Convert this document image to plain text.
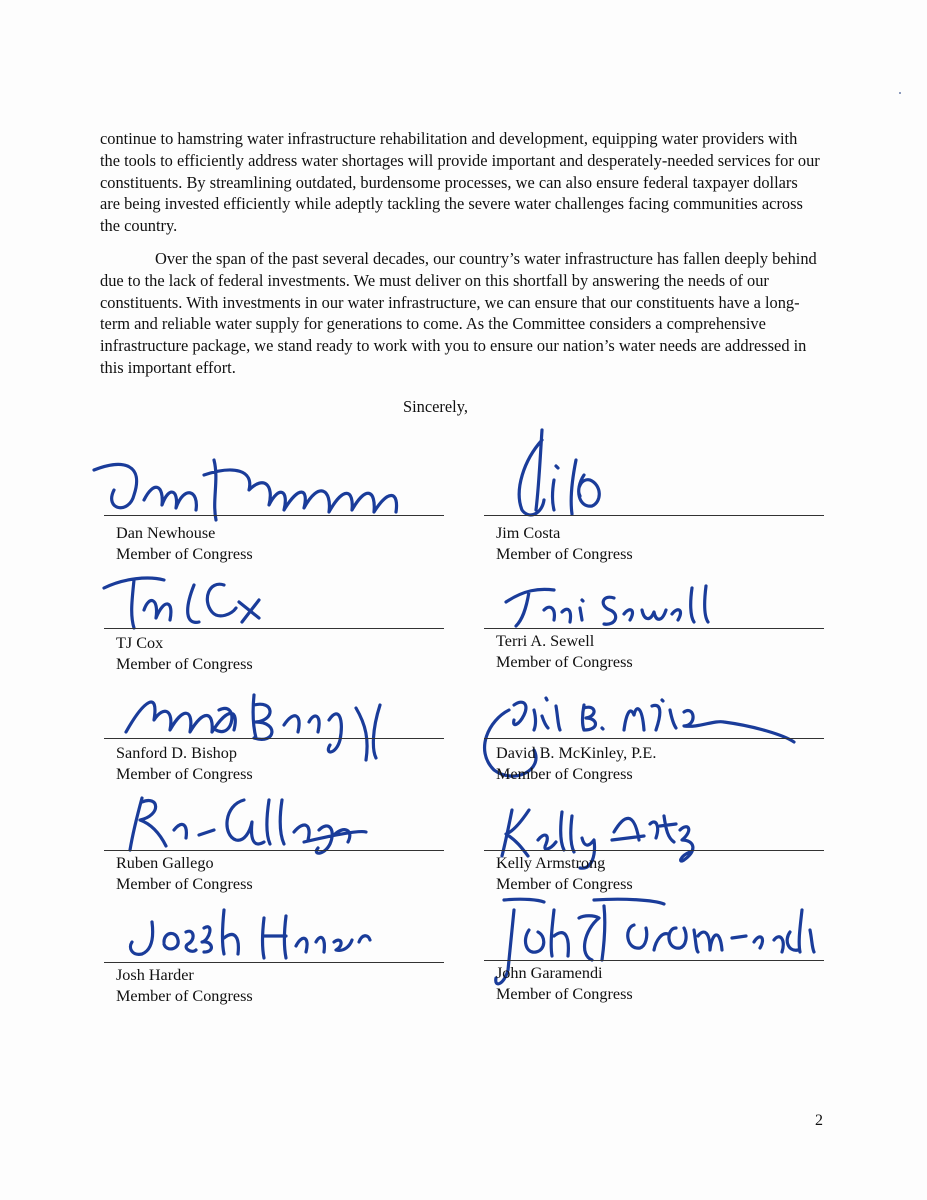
continue to hamstring water infrastructure rehabilitation and development, equipping water providers with the tools to efficiently address water shortages will provide important and desperately-needed services for our constituents. By streamlining outdated, burdensome processes, we can also ensure federal taxpayer dollars are being invested efficiently while adeptly tackling the severe water challenges facing communities across the country.

Over the span of the past several decades, our country’s water infrastructure has fallen deeply behind due to the lack of federal investments. We must deliver on this shortfall by answering the needs of our constituents. With investments in our water infrastructure, we can ensure that our constituents have a long-term and reliable water supply for generations to come. As the Committee considers a comprehensive infrastructure package, we stand ready to work with you to ensure our nation’s water needs are addressed in this important effort.

Sincerely,
Dan Newhouse
Member of Congress
TJ Cox
Member of Congress
Sanford D. Bishop
Member of Congress
Ruben Gallego
Member of Congress
Josh Harder
Member of Congress
Jim Costa
Member of Congress
Terri A. Sewell
Member of Congress
David B. McKinley, P.E.
Member of Congress
Kelly Armstrong
Member of Congress
John Garamendi
Member of Congress
2
